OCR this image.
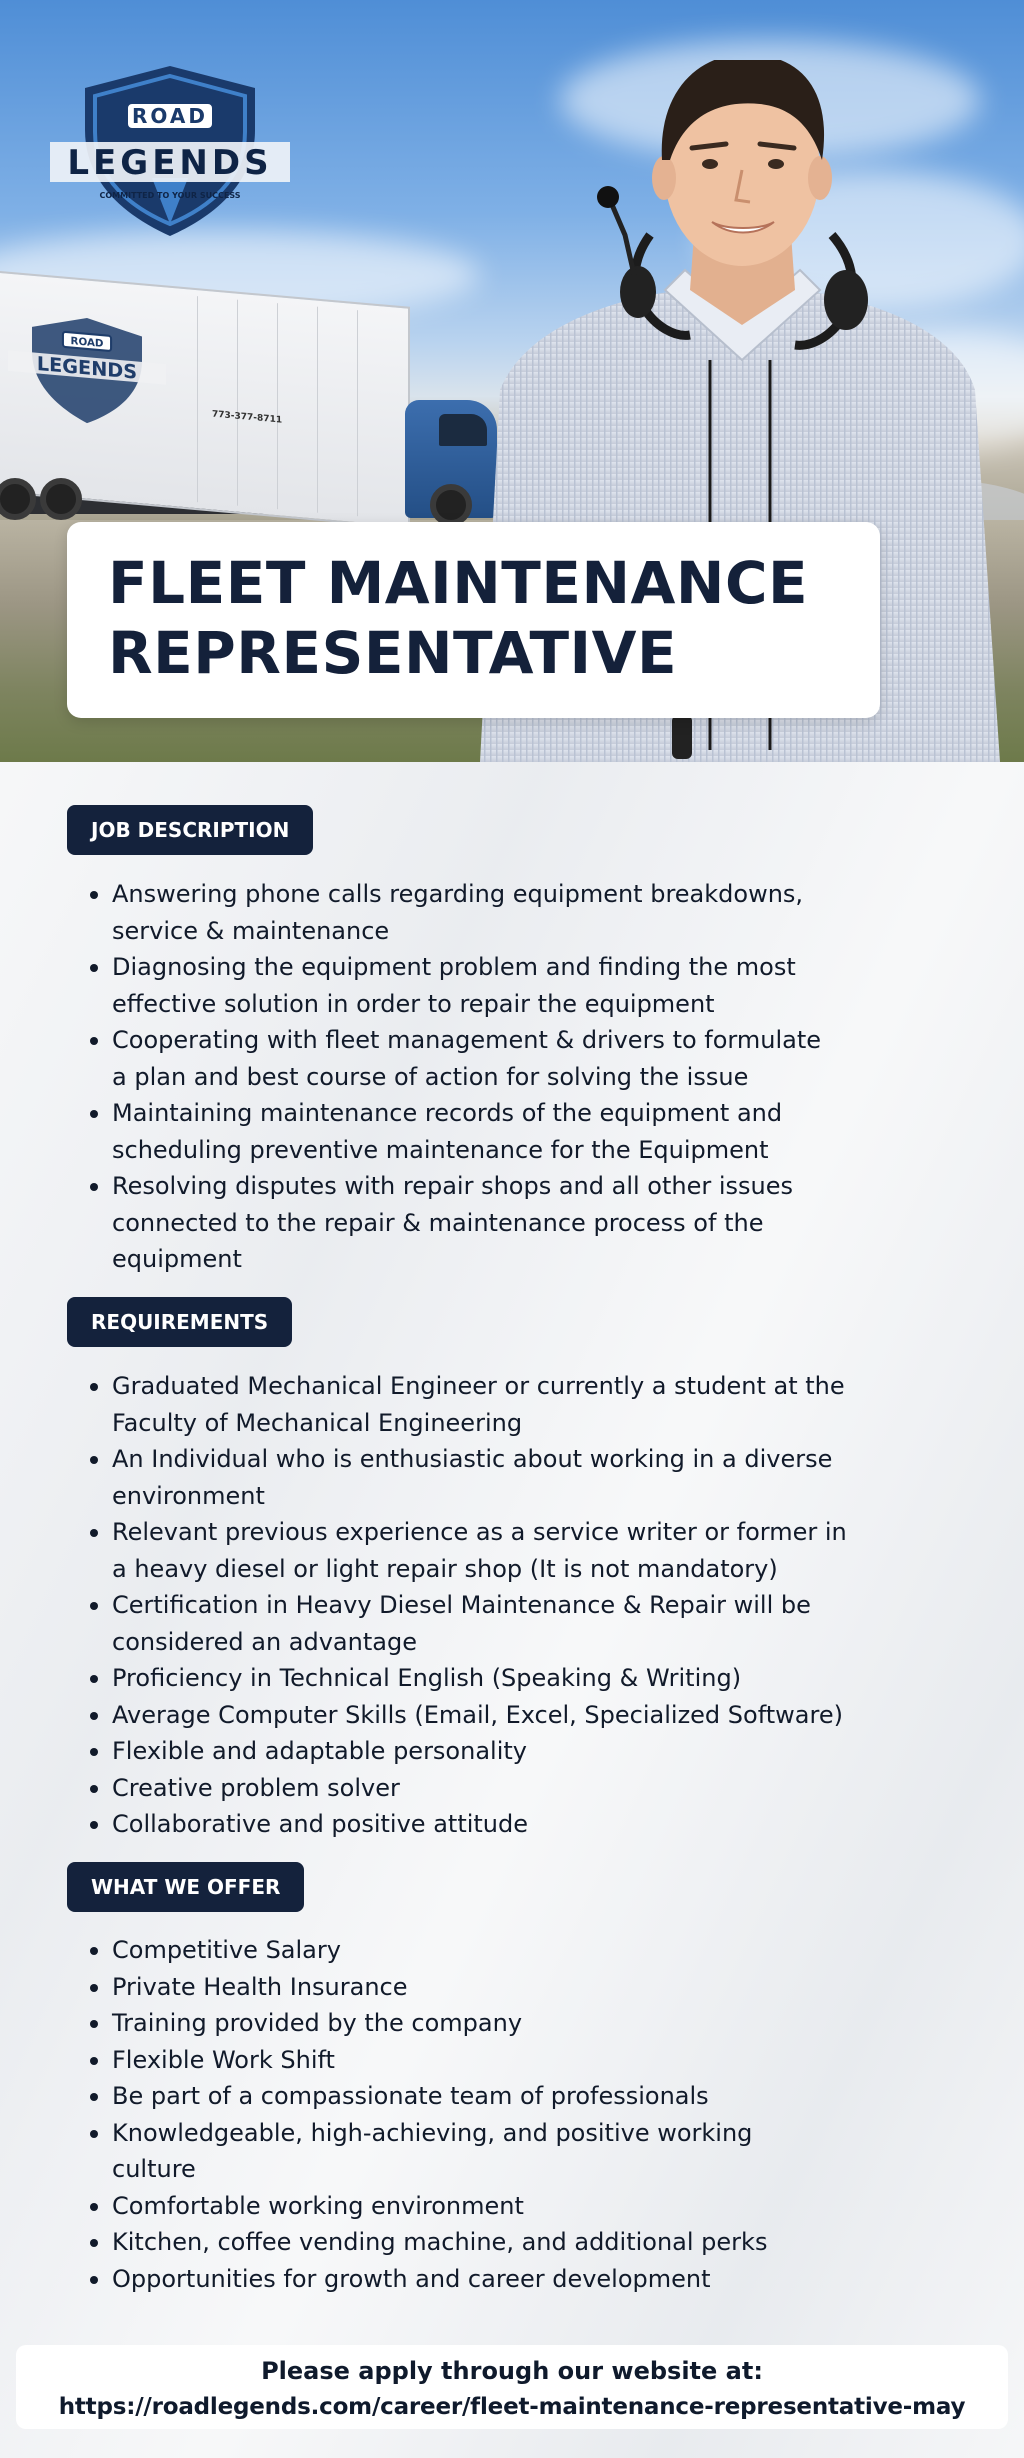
ROAD
LEGENDS
773-377-8711
ROAD
LEGENDS
COMMITTED TO YOUR SUCCESS
FLEET MAINTENANCE
REPRESENTATIVE
JOB DESCRIPTION
Answering phone calls regarding equipment breakdowns,
service & maintenance
Diagnosing the equipment problem and finding the most
effective solution in order to repair the equipment
Cooperating with fleet management & drivers to formulate
a plan and best course of action for solving the issue
Maintaining maintenance records of the equipment and
scheduling preventive maintenance for the Equipment
Resolving disputes with repair shops and all other issues
connected to the repair & maintenance process of the
equipment
REQUIREMENTS
Graduated Mechanical Engineer or currently a student at the
Faculty of Mechanical Engineering
An Individual who is enthusiastic about working in a diverse
environment
Relevant previous experience as a service writer or former in
a heavy diesel or light repair shop (It is not mandatory)
Certification in Heavy Diesel Maintenance & Repair will be
considered an advantage
Proficiency in Technical English (Speaking & Writing)
Average Computer Skills (Email, Excel, Specialized Software)
Flexible and adaptable personality
Creative problem solver
Collaborative and positive attitude
WHAT WE OFFER
Competitive Salary
Private Health Insurance
Training provided by the company
Flexible Work Shift
Be part of a compassionate team of professionals
Knowledgeable, high-achieving, and positive working
culture
Comfortable working environment
Kitchen, coffee vending machine, and additional perks
Opportunities for growth and career development
Please apply through our website at:
https://roadlegends.com/career/fleet-maintenance-representative-may
